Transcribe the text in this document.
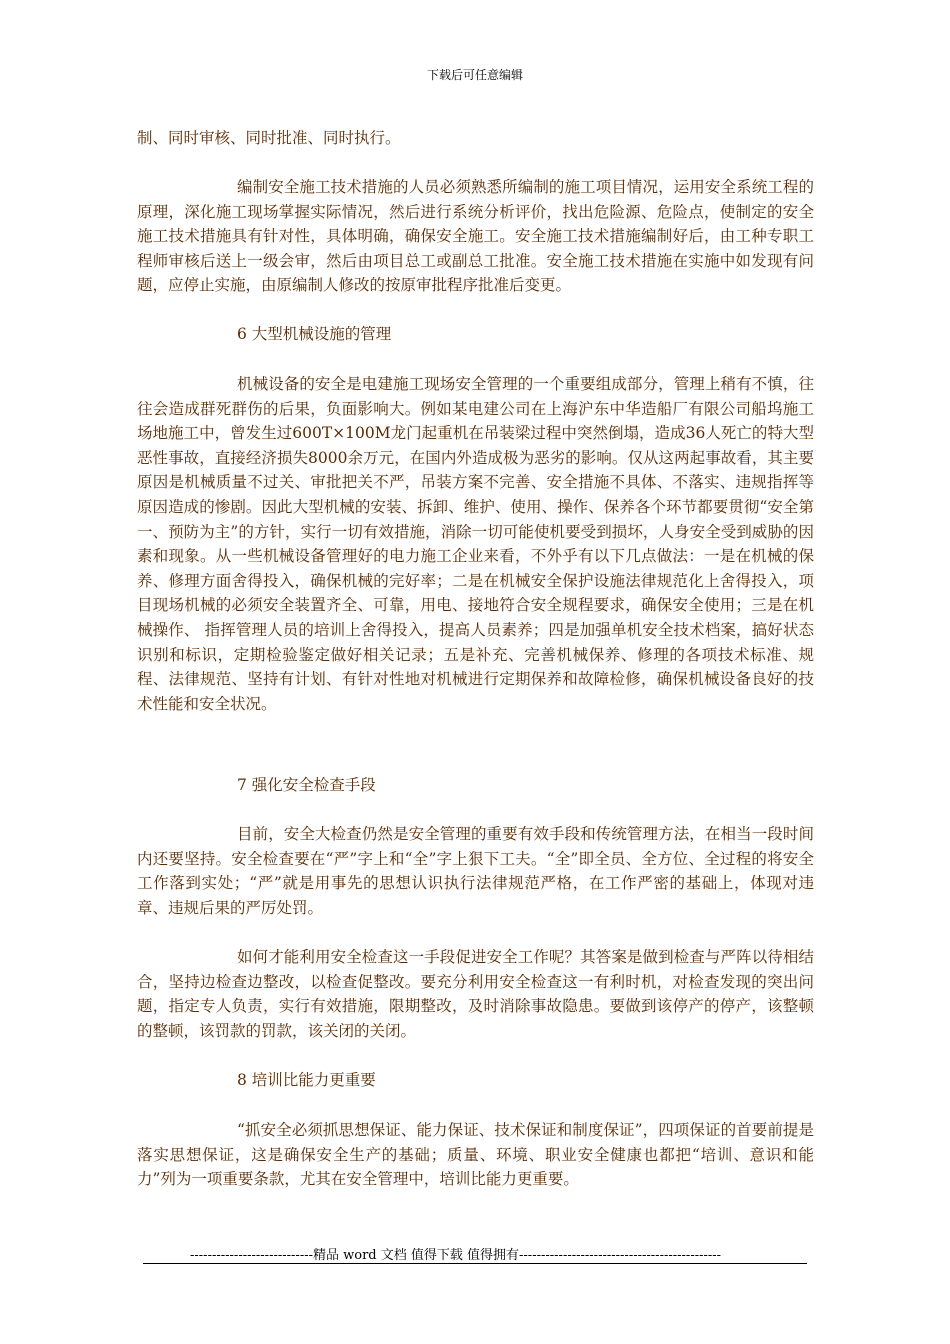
下载后可任意编辑

制、同时审核、同时批准、同时执行。

编制安全施工技术措施的人员必须熟悉所编制的施工项目情况，运用安全系统工程的原理，深化施工现场掌握实际情况，然后进行系统分析评价，找出危险源、危险点，使制定的安全施工技术措施具有针对性，具体明确，确保安全施工。安全施工技术措施编制好后，由工种专职工程师审核后送上一级会审，然后由项目总工或副总工批准。安全施工技术措施在实施中如发现有问题，应停止实施，由原编制人修改的按原审批程序批准后变更。

6 大型机械设施的管理

机械设备的安全是电建施工现场安全管理的一个重要组成部分，管理上稍有不慎，往往会造成群死群伤的后果，负面影响大。例如某电建公司在上海沪东中华造船厂有限公司船坞施工场地施工中，曾发生过600T×100M龙门起重机在吊装梁过程中突然倒塌，造成36人死亡的特大型恶性事故，直接经济损失8000余万元，在国内外造成极为恶劣的影响。仅从这两起事故看，其主要原因是机械质量不过关、审批把关不严，吊装方案不完善、安全措施不具体、不落实、违规指挥等原因造成的惨剧。因此大型机械的安装、拆卸、维护、使用、操作、保养各个环节都要贯彻“安全第一、预防为主”的方针，实行一切有效措施，消除一切可能使机要受到损坏，人身安全受到威胁的因素和现象。从一些机械设备管理好的电力施工企业来看，不外乎有以下几点做法：一是在机械的保养、修理方面舍得投入，确保机械的完好率；二是在机械安全保护设施法律规范化上舍得投入，项目现场机械的必须安全装置齐全、可靠，用电、接地符合安全规程要求，确保安全使用；三是在机械操作、 指挥管理人员的培训上舍得投入，提高人员素养；四是加强单机安全技术档案，搞好状态识别和标识，定期检验鉴定做好相关记录；五是补充、完善机械保养、修理的各项技术标准、规程、法律规范、坚持有计划、有针对性地对机械进行定期保养和故障检修，确保机械设备良好的技术性能和安全状况。

7 强化安全检查手段

目前，安全大检查仍然是安全管理的重要有效手段和传统管理方法，在相当一段时间内还要坚持。安全检查要在“严”字上和“全”字上狠下工夫。“全”即全员、全方位、全过程的将安全工作落到实处；“严”就是用事先的思想认识执行法律规范严格，在工作严密的基础上，体现对违章、违规后果的严厉处罚。

如何才能利用安全检查这一手段促进安全工作呢？其答案是做到检查与严阵以待相结合，坚持边检查边整改，以检查促整改。要充分利用安全检查这一有利时机，对检查发现的突出问题，指定专人负责，实行有效措施，限期整改，及时消除事故隐患。要做到该停产的停产，该整顿的整顿，该罚款的罚款，该关闭的关闭。

8 培训比能力更重要

“抓安全必须抓思想保证、能力保证、技术保证和制度保证”，四项保证的首要前提是落实思想保证，这是确保安全生产的基础；质量、环境、职业安全健康也都把“培训、意识和能力”列为一项重要条款，尤其在安全管理中，培训比能力更重要。

----------------------------精品 word 文档 值得下载 值得拥有----------------------------------------------
